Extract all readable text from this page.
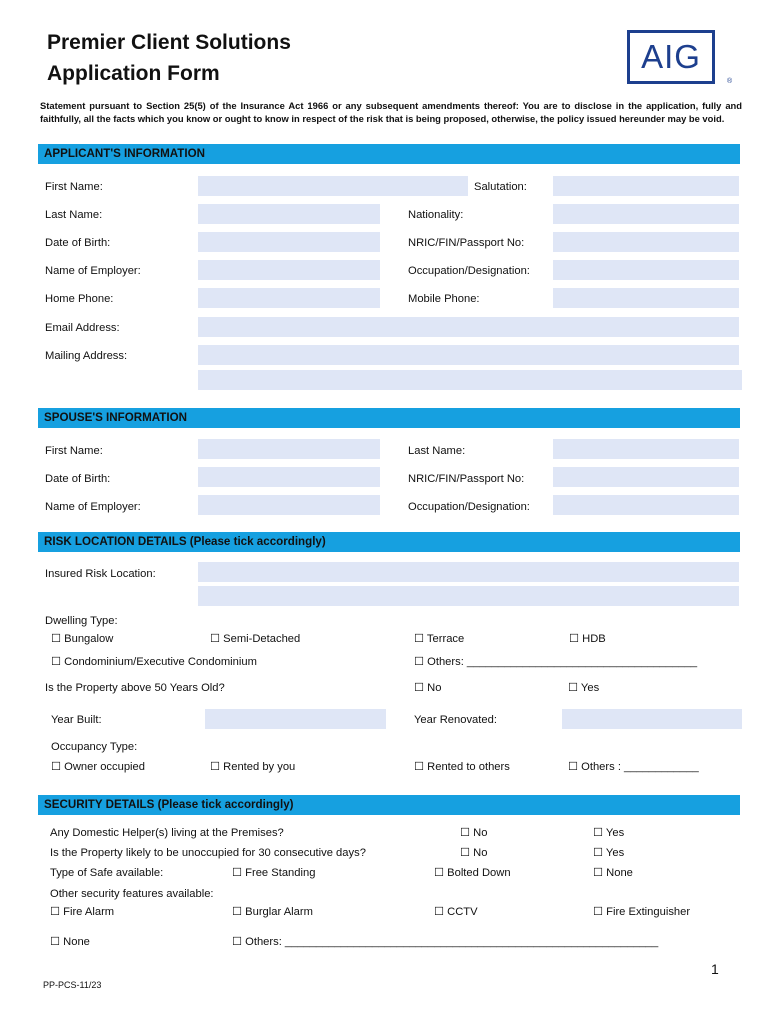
Premier Client Solutions
Application Form	AIG
®
Statement pursuant to Section 25(5) of the Insurance Act 1966 or any subsequent amendments thereof: You are to disclose in the application, fully and faithfully, all the facts which you know or ought to know in respect of the risk that is being proposed, otherwise, the policy issued hereunder may be void.
APPLICANT'S INFORMATION
First Name:	Salutation:
Last Name:	Nationality:
Date of Birth:	NRIC/FIN/Passport No:
Name of Employer:	Occupation/Designation:
Home Phone:	Mobile Phone:
Email Address:
Mailing Address:
SPOUSE'S INFORMATION
First Name:	Last Name:
Date of Birth:	NRIC/FIN/Passport No:
Name of Employer:	Occupation/Designation:
RISK LOCATION DETAILS (Please tick accordingly)
Insured Risk Location:
Dwelling Type:
☐ Bungalow	☐ Semi-Detached	☐ Terrace	☐ HDB
☐ Condominium/Executive Condominium	☐ Others: _____________________________________
Is the Property above 50 Years Old?	☐ No	☐ Yes
Year Built:	Year Renovated:
Occupancy Type:
☐ Owner occupied	☐ Rented by you	☐ Rented to others	☐ Others : ____________
SECURITY DETAILS (Please tick accordingly)
Any Domestic Helper(s) living at the Premises?	☐ No	☐ Yes
Is the Property likely to be unoccupied for 30 consecutive days?	☐ No	☐ Yes
Type of Safe available:	☐ Free Standing	☐ Bolted Down	☐ None
Other security features available:
☐ Fire Alarm	☐ Burglar Alarm	☐ CCTV	☐ Fire Extinguisher
☐ None	☐ Others: ____________________________________________________________
1
PP-PCS-11/23
